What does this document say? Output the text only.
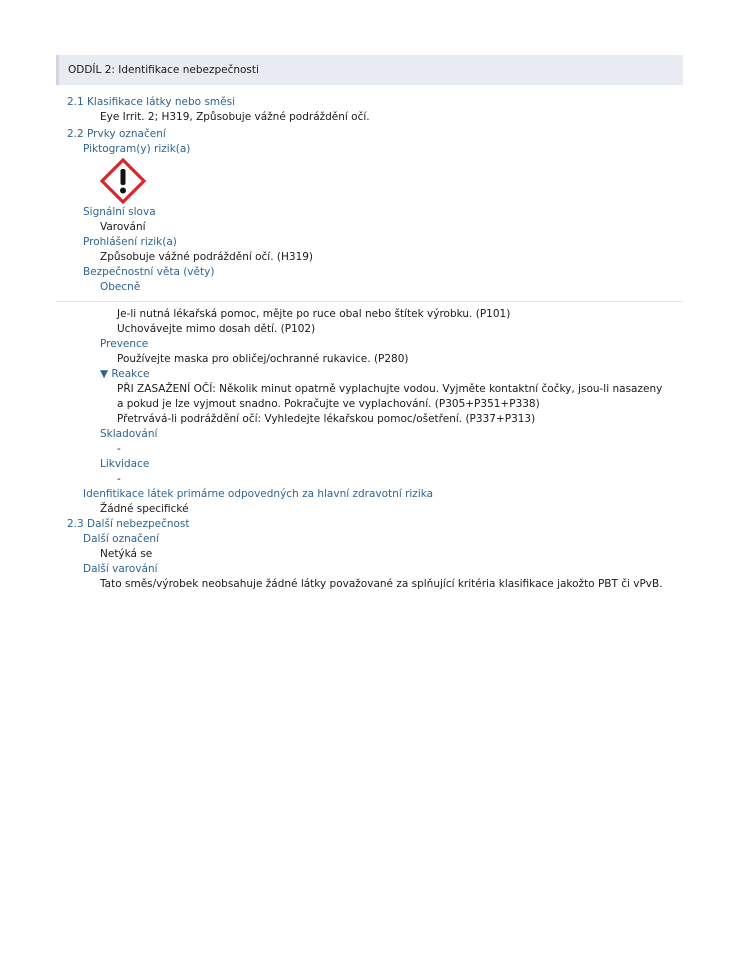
ODDÍL 2: Identifikace nebezpečnosti
2.1 Klasifikace látky nebo směsi
Eye Irrit. 2; H319, Způsobuje vážné podráždění očí.
2.2 Prvky označení
Piktogram(y) rizik(a)
Signální slova
Varování
Prohlášení rizik(a)
Způsobuje vážné podráždění očí. (H319)
Bezpečnostní věta (věty)
Obecně
Je-li nutná lékařská pomoc, mějte po ruce obal nebo štítek výrobku. (P101)
Uchovávejte mimo dosah dětí. (P102)
Prevence
Používejte maska pro obličej/ochranné rukavice. (P280)
▼ Reakce
PŘI ZASAŽENÍ OČÍ: Několik minut opatrně vyplachujte vodou. Vyjměte kontaktní čočky, jsou-li nasazeny
a pokud je lze vyjmout snadno. Pokračujte ve vyplachování. (P305+P351+P338)
Přetrvává-li podráždění očí: Vyhledejte lékařskou pomoc/ošetření. (P337+P313)
Skladování
-
Likvidace
-
Idenfitikace látek primárne odpovedných za hlavní zdravotní rizika
Žádné specifické
2.3 Další nebezpečnost
Další označení
Netýká se
Další varování
Tato směs/výrobek neobsahuje žádné látky považované za splňující kritéria klasifikace jakožto PBT či vPvB.
